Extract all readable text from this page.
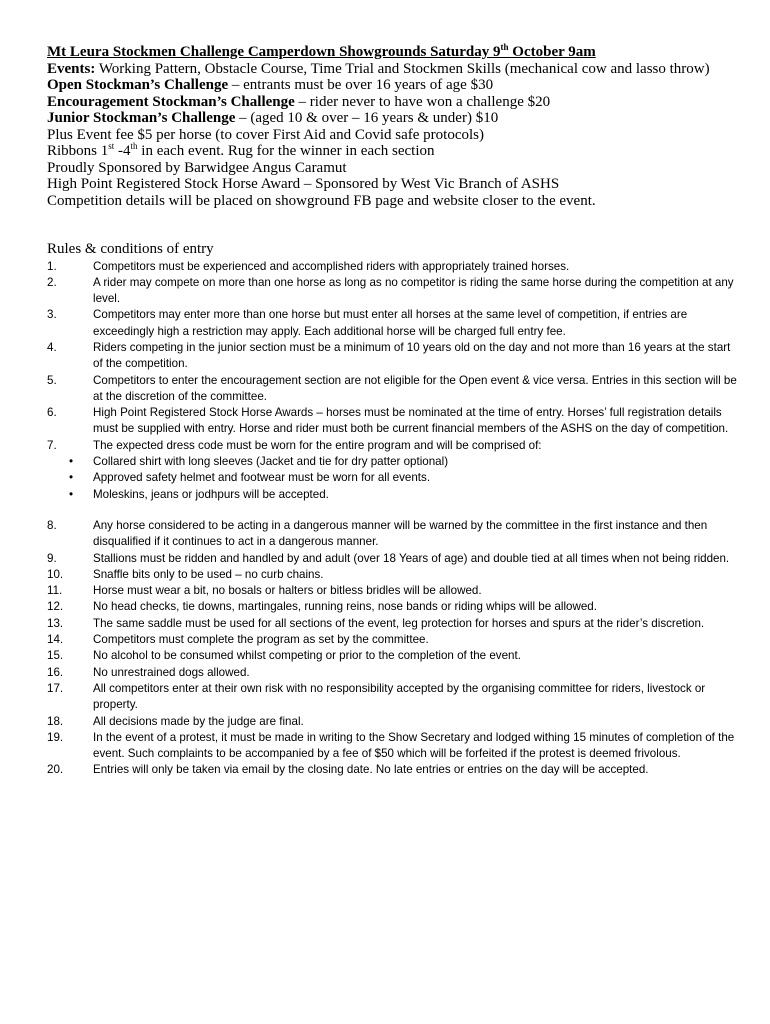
Mt Leura Stockmen Challenge Camperdown Showgrounds Saturday 9th October 9am
Events: Working Pattern, Obstacle Course, Time Trial and Stockmen Skills (mechanical cow and lasso throw)
Open Stockman’s Challenge – entrants must be over 16 years of age $30
Encouragement Stockman’s Challenge – rider never to have won a challenge $20
Junior Stockman’s Challenge – (aged 10 & over – 16 years & under) $10
Plus Event fee $5 per horse (to cover First Aid and Covid safe protocols)
Ribbons 1st -4th in each event. Rug for the winner in each section
Proudly Sponsored by Barwidgee Angus Caramut
High Point Registered Stock Horse Award – Sponsored by West Vic Branch of ASHS
Competition details will be placed on showground FB page and website closer to the event.
Rules & conditions of entry
1.	Competitors must be experienced and accomplished riders with appropriately trained horses.
2.	A rider may compete on more than one horse as long as no competitor is riding the same horse during the competition at any level.
3.	Competitors may enter more than one horse but must enter all horses at the same level of competition, if entries are exceedingly high a restriction may apply. Each additional horse will be charged full entry fee.
4.	Riders competing in the junior section must be a minimum of 10 years old on the day and not more than 16 years at the start of the competition.
5.	Competitors to enter the encouragement section are not eligible for the Open event & vice versa. Entries in this section will be at the discretion of the committee.
6.	High Point Registered Stock Horse Awards – horses must be nominated at the time of entry. Horses’ full registration details must be supplied with entry. Horse and rider must both be current financial members of the ASHS on the day of competition.
7.	The expected dress code must be worn for the entire program and will be comprised of:
• Collared shirt with long sleeves (Jacket and tie for dry patter optional)
• Approved safety helmet and footwear must be worn for all events.
• Moleskins, jeans or jodhpurs will be accepted.
8.	Any horse considered to be acting in a dangerous manner will be warned by the committee in the first instance and then disqualified if it continues to act in a dangerous manner.
9.	Stallions must be ridden and handled by and adult (over 18 Years of age) and double tied at all times when not being ridden.
10.	Snaffle bits only to be used – no curb chains.
11.	Horse must wear a bit, no bosals or halters or bitless bridles will be allowed.
12.	No head checks, tie downs, martingales, running reins, nose bands or riding whips will be allowed.
13.	The same saddle must be used for all sections of the event, leg protection for horses and spurs at the rider’s discretion.
14.	Competitors must complete the program as set by the committee.
15.	No alcohol to be consumed whilst competing or prior to the completion of the event.
16.	No unrestrained dogs allowed.
17.	All competitors enter at their own risk with no responsibility accepted by the organising committee for riders, livestock or property.
18.	All decisions made by the judge are final.
19.	In the event of a protest, it must be made in writing to the Show Secretary and lodged withing 15 minutes of completion of the event. Such complaints to be accompanied by a fee of $50 which will be forfeited if the protest is deemed frivolous.
20.	Entries will only be taken via email by the closing date. No late entries or entries on the day will be accepted.
